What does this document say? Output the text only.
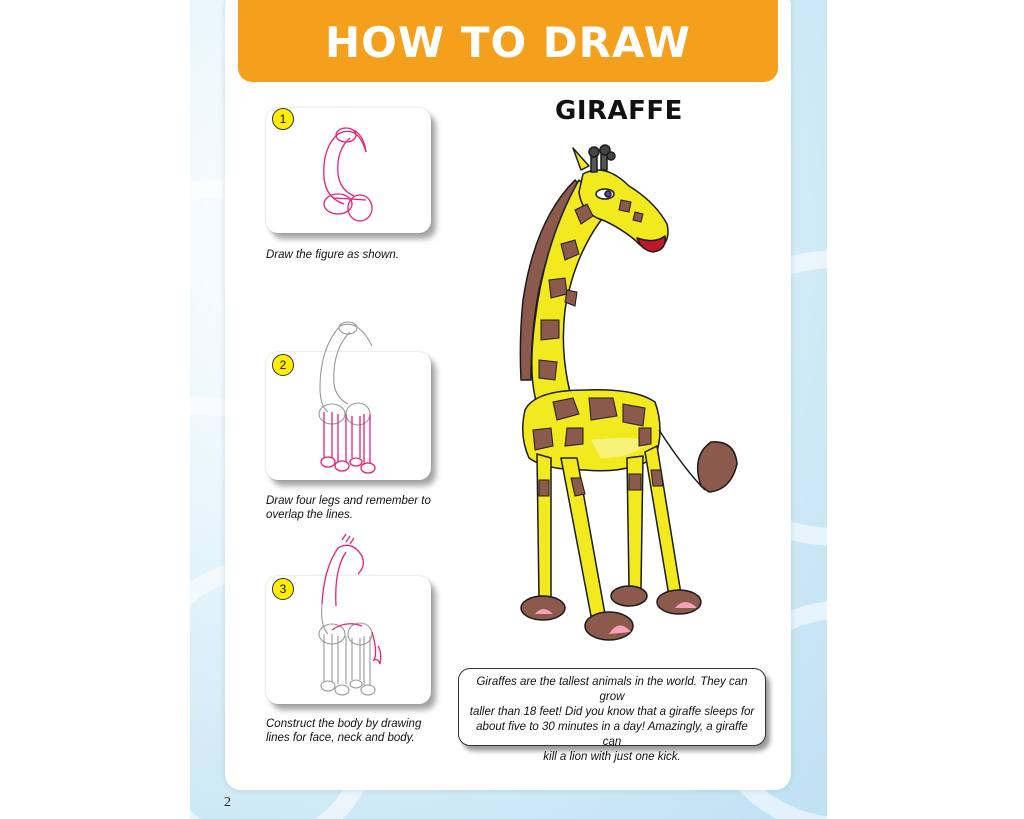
HOW TO DRAW
GIRAFFE
1
Draw the figure as shown.
2
Draw four legs and remember to
overlap the lines.
3
Construct the body by drawing
lines for face, neck and body.
Giraffes are the tallest animals in the world. They can grow
taller than 18 feet! Did you know that a giraffe sleeps for
about five to 30 minutes in a day! Amazingly, a giraffe can
kill a lion with just one kick.
2
